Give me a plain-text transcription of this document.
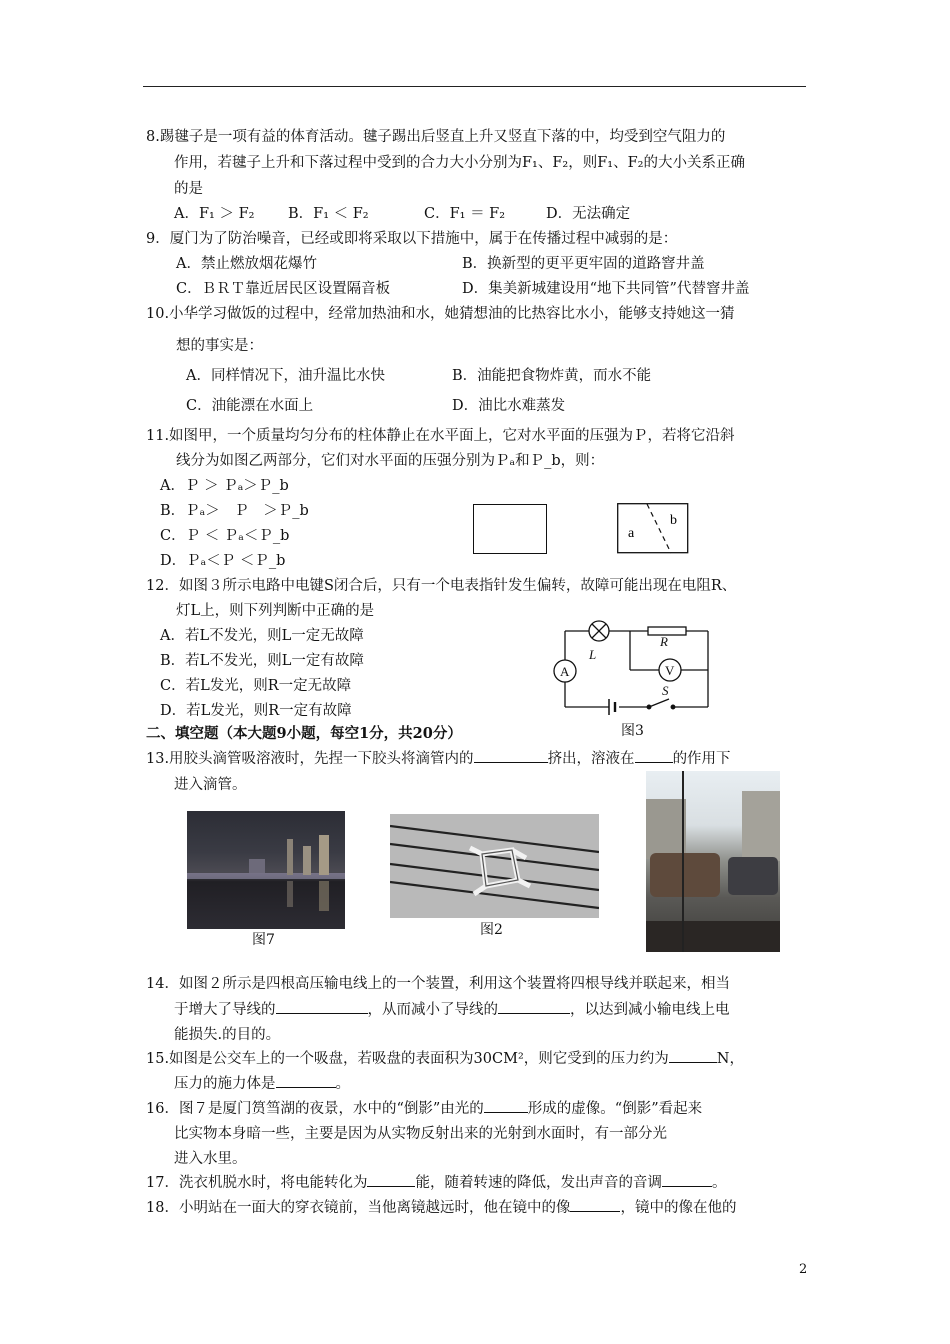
8.踢毽子是一项有益的体育活动。毽子踢出后竖直上升又竖直下落的中，均受到空气阻力的
作用，若毽子上升和下落过程中受到的合力大小分别为F₁、F₂，则F₁、F₂的大小关系正确
的是
A．F₁ ＞ F₂ B．F₁ ＜ F₂	C．F₁ ＝ F₂	D．无法确定
9．厦门为了防治噪音，已经或即将采取以下措施中，属于在传播过程中减弱的是：
A．禁止燃放烟花爆竹	B．换新型的更平更牢固的道路窨井盖
C．ＢＲＴ靠近居民区设置隔音板	D．集美新城建设用“地下共同管”代替窨井盖
10.小华学习做饭的过程中，经常加热油和水，她猜想油的比热容比水小，能够支持她这一猜
想的事实是：
A．同样情况下，油升温比水快	B．油能把食物炸黄，而水不能
C．油能漂在水面上	D．油比水难蒸发
11.如图甲，一个质量均匀分布的柱体静止在水平面上，它对水平面的压强为Ｐ，若将它沿斜
线分为如图乙两部分，它们对水平面的压强分别为Ｐₐ和Ｐ_b，则：
A．Ｐ ＞ Ｐₐ＞Ｐ_b
B．Ｐₐ＞　Ｐ　＞Ｐ_b
C．Ｐ ＜ Ｐₐ＜Ｐ_b
D．Ｐₐ＜Ｐ ＜Ｐ_b
a
b
12．如图３所示电路中电键S闭合后，只有一个电表指针发生偏转，故障可能出现在电阻R、
灯L上，则下列判断中正确的是
A．若L不发光，则L一定无故障
B．若L不发光，则L一定有故障
C．若L发光，则R一定无故障
D．若L发光，则R一定有故障
L
R
A	V
S
图3
二、填空题（本大题9小题，每空1分，共20分）
13.用胶头滴管吸溶液时，先捏一下胶头将滴管内的	挤出，溶液在	的作用下
进入滴管。
图7
图2
14．如图２所示是四根高压输电线上的一个装置，利用这个装置将四根导线并联起来，相当
于增大了导线的	，从而减小了导线的	，以达到减小输电线上电
能损失.的目的。
15.如图是公交车上的一个吸盘，若吸盘的表面积为30CM²，则它受到的压力约为	N，
压力的施力体是	。
16．图７是厦门筼筜湖的夜景，水中的“倒影”由光的	形成的虚像。“倒影”看起来
比实物本身暗一些，主要是因为从实物反射出来的光射到水面时，有一部分光
进入水里。
17．洗衣机脱水时，将电能转化为	能，随着转速的降低，发出声音的音调	。
18．小明站在一面大的穿衣镜前，当他离镜越远时，他在镜中的像	，镜中的像在他的
2
